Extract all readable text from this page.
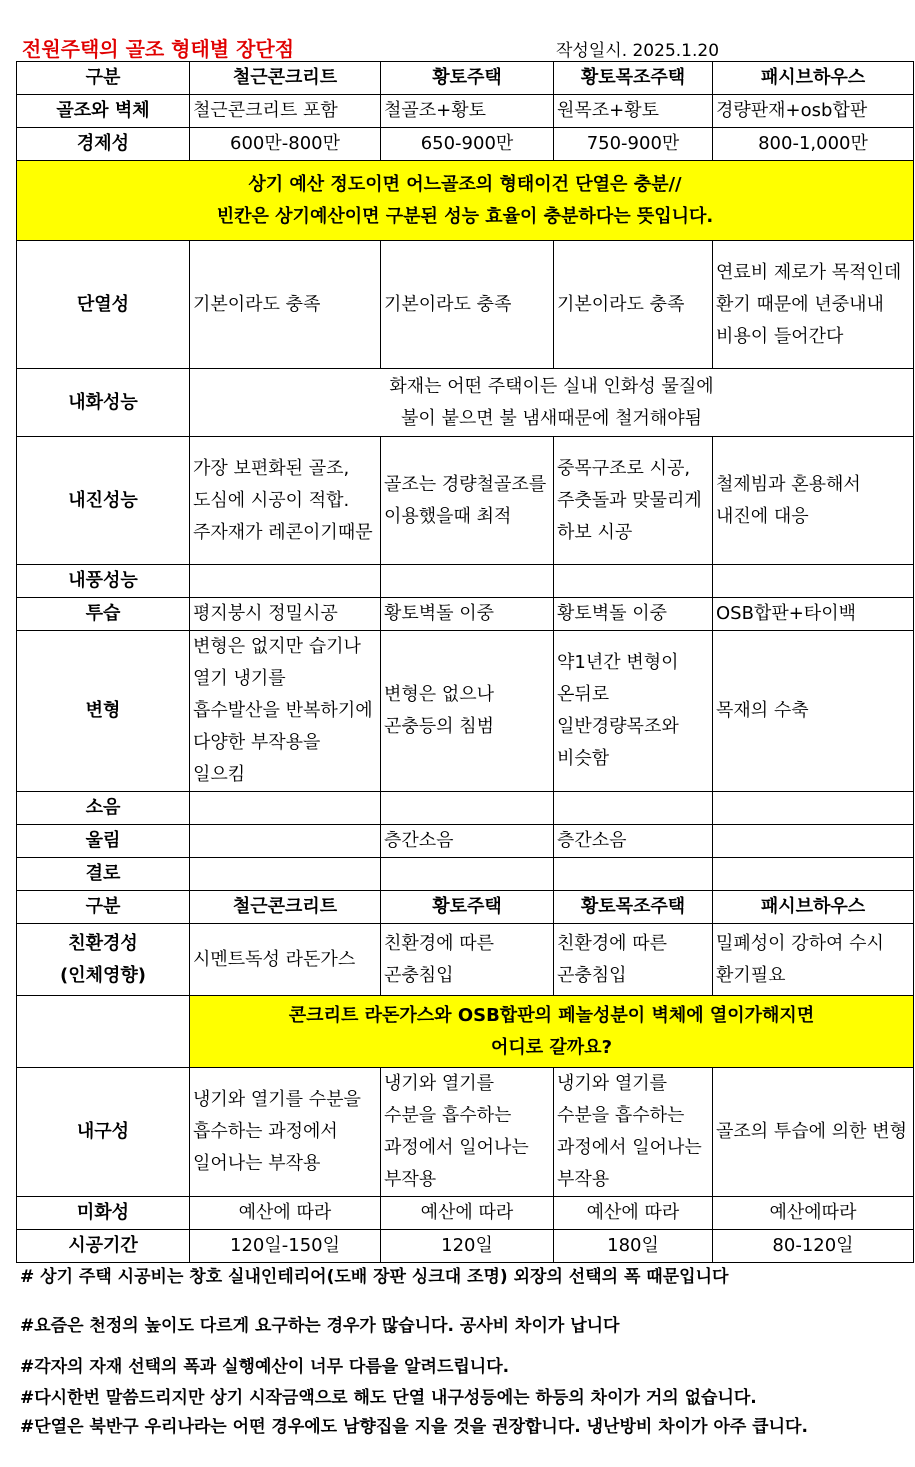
전원주택의 골조 형태별 장단점	작성일시. 2025.1.20
구분	철근콘크리트	황토주택	황토목조주택	패시브하우스
골조와 벽체	철근콘크리트 포함	철골조+황토	원목조+황토	경량판재+osb합판
경제성	600만-800만	650-900만	750-900만	800-1,000만

상기 예산 정도이면 어느골조의 형태이건 단열은 충분//
빈칸은 상기예산이면 구분된 성능 효율이 충분하다는 뜻입니다.				

단열성	기본이라도 충족	기본이라도 충족	기본이라도 충족	연료비 제로가 목적인데 환기 때문에 년중내내 비용이 들어간다
내화성능	화재는 어떤 주택이든 실내 인화성 물질에
불이 붙으면 불 냄새때문에 철거해야됨			

내진성능	가장 보편화된 골조, 도심에 시공이 적합. 주자재가 레콘이기때문	골조는 경량철골조를 이용했을때 최적	중목구조로 시공, 주춧돌과 맞물리게 하보 시공	철제빔과 혼용해서 내진에 대응
내풍성능				
투습	평지붕시 정밀시공	황토벽돌 이중	황토벽돌 이중	OSB합판+타이백
변형	변형은 없지만 습기나 열기 냉기를 흡수발산을 반복하기에 다양한 부작용을 일으킴	변형은 없으나 곤충등의 침범	약1년간 변형이 온뒤로 일반경량목조와 비슷함	목재의 수축
소음				
울림		층간소음	층간소음	
결로				
구분	철근콘크리트	황토주택	황토목조주택	패시브하우스
친환경성
(인체영향)	시멘트독성 라돈가스	친환경에 따른 곤충침입	친환경에 따른 곤충침입	밀폐성이 강하여 수시 환기필요

	콘크리트 라돈가스와 OSB합판의 페놀성분이 벽체에 열이가해지면
어디로 갈까요?			

내구성	냉기와 열기를 수분을 흡수하는 과정에서 일어나는 부작용	냉기와 열기를 수분을 흡수하는 과정에서 일어나는 부작용	냉기와 열기를 수분을 흡수하는 과정에서 일어나는 부작용	골조의 투습에 의한 변형
미화성	예산에 따라	예산에 따라	예산에 따라	예산에따라
시공기간	120일-150일	120일	180일	80-120일
# 상기 주택 시공비는 창호 실내인테리어(도배 장판 싱크대 조명) 외장의 선택의 폭 때문입니다
#요즘은 천정의 높이도 다르게 요구하는 경우가 많습니다. 공사비 차이가 납니다
#각자의 자재 선택의 폭과 실행예산이 너무 다름을 알려드립니다.
#다시한번 말씀드리지만 상기 시작금액으로 해도 단열 내구성등에는 하등의 차이가 거의 없습니다.
#단열은 북반구 우리나라는 어떤 경우에도 남향집을 지을 것을 권장합니다. 냉난방비 차이가 아주 큽니다.
